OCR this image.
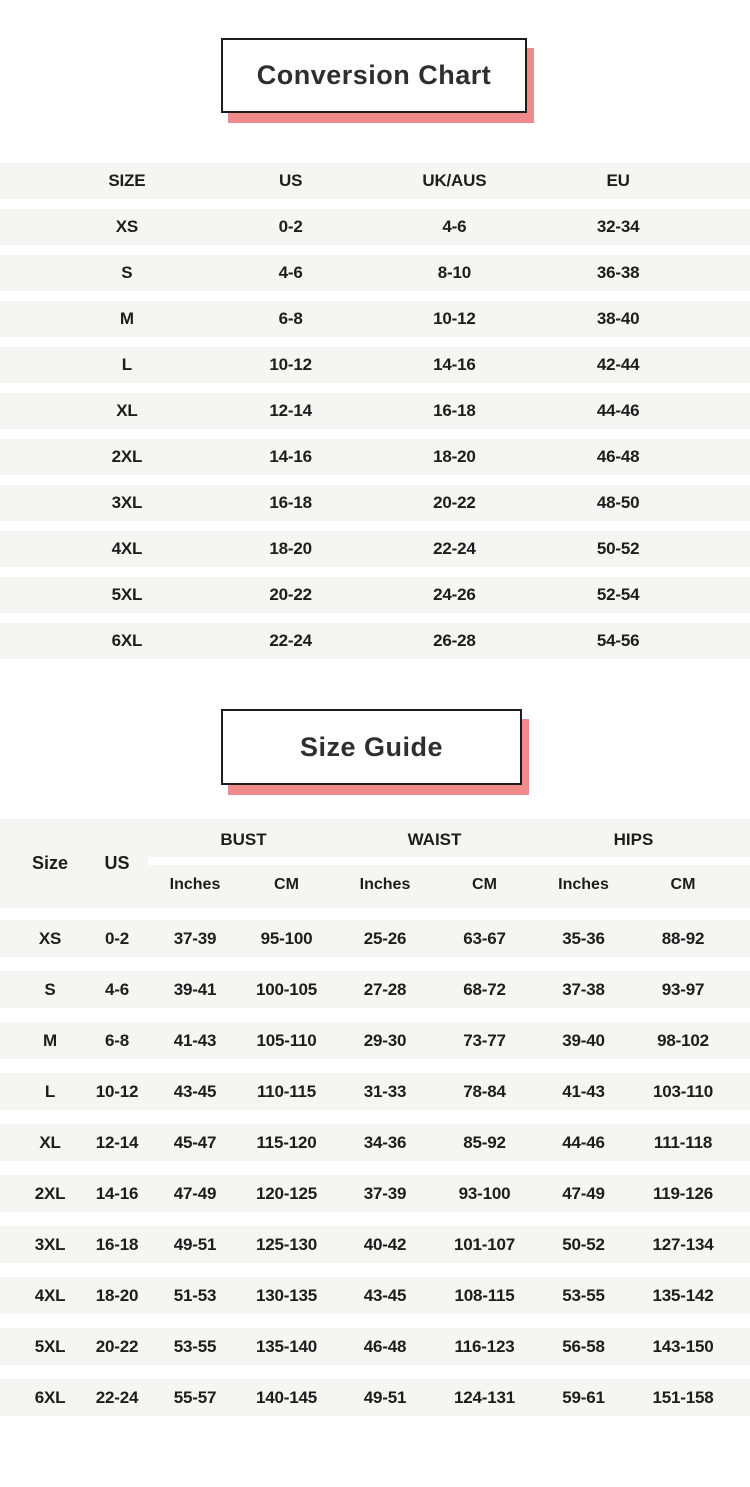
Conversion Chart
SIZE	US	UK/AUS	EU
XS	0-2	4-6	32-34
S	4-6	8-10	36-38
M	6-8	10-12	38-40
L	10-12	14-16	42-44
XL	12-14	16-18	44-46
2XL	14-16	18-20	46-48
3XL	16-18	20-22	48-50
4XL	18-20	22-24	50-52
5XL	20-22	24-26	52-54
6XL	22-24	26-28	54-56
Size Guide
Size	US
BUST	WAIST	HIPS
Inches	CM	Inches	CM	Inches	CM
XS	0-2	37-39	95-100	25-26	63-67	35-36	88-92
S	4-6	39-41	100-105	27-28	68-72	37-38	93-97
M	6-8	41-43	105-110	29-30	73-77	39-40	98-102
L	10-12	43-45	110-115	31-33	78-84	41-43	103-110
XL	12-14	45-47	115-120	34-36	85-92	44-46	111-118
2XL	14-16	47-49	120-125	37-39	93-100	47-49	119-126
3XL	16-18	49-51	125-130	40-42	101-107	50-52	127-134
4XL	18-20	51-53	130-135	43-45	108-115	53-55	135-142
5XL	20-22	53-55	135-140	46-48	116-123	56-58	143-150
6XL	22-24	55-57	140-145	49-51	124-131	59-61	151-158
